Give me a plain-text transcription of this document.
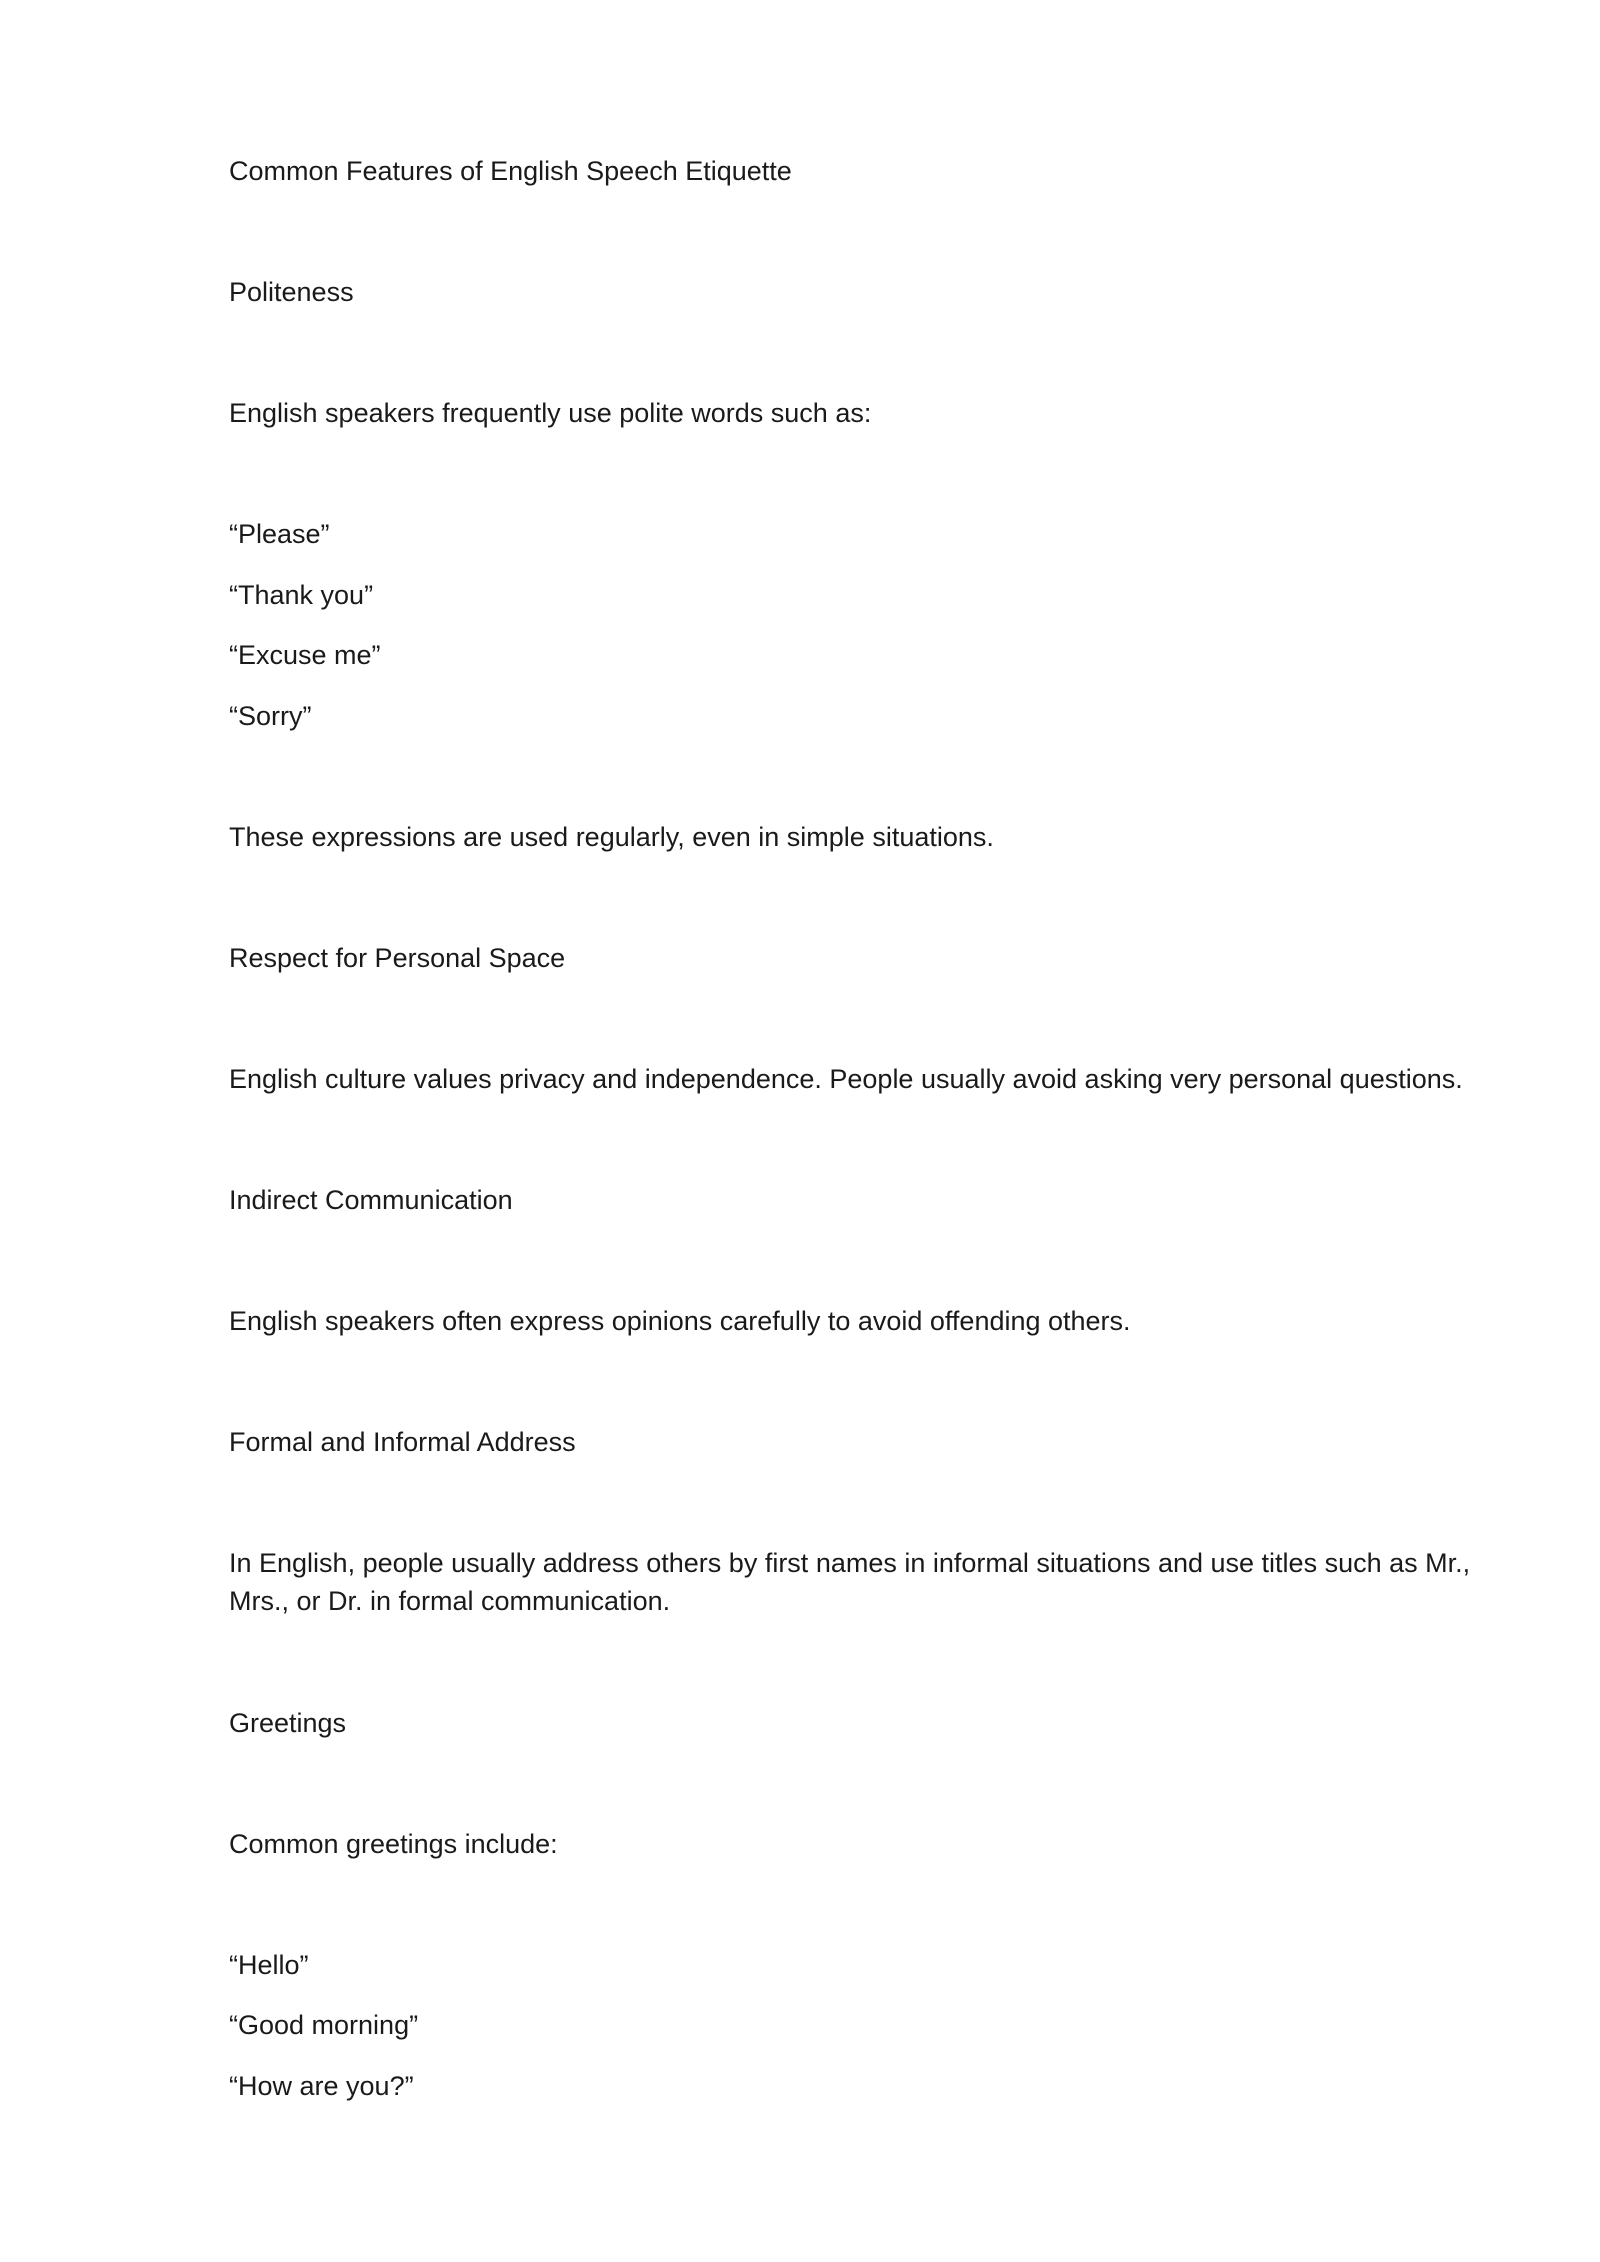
Common Features of English Speech Etiquette

Politeness

English speakers frequently use polite words such as:

“Please”

“Thank you”

“Excuse me”

“Sorry”

These expressions are used regularly, even in simple situations.

Respect for Personal Space

English culture values privacy and independence. People usually avoid asking very personal questions.

Indirect Communication

English speakers often express opinions carefully to avoid offending others.

Formal and Informal Address

In English, people usually address others by first names in informal situations and use titles such as Mr., Mrs., or Dr. in formal communication.

Greetings

Common greetings include:

“Hello”

“Good morning”

“How are you?”
